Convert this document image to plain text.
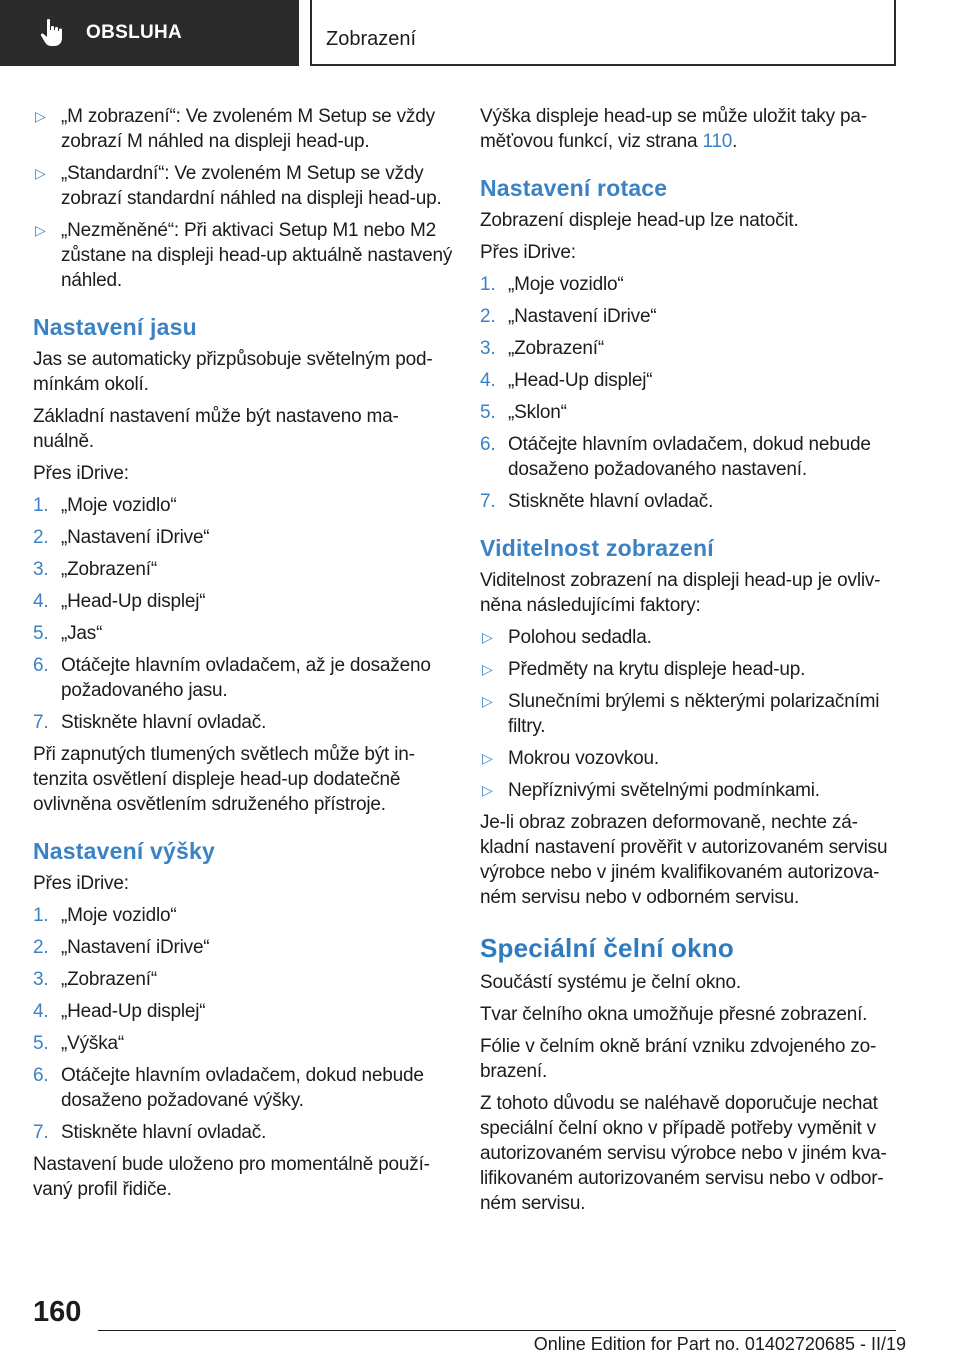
OBSLUHA	Zobrazení
▷ „M zobrazení“: Ve zvoleném M Setup se vždy zobrazí M náhled na displeji head-up.
▷ „Standardní“: Ve zvoleném M Setup se vždy zobrazí standardní náhled na displeji head-up.
▷ „Nezměněné“: Při aktivaci Setup M1 nebo M2 zůstane na displeji head-up aktuálně nastavený náhled.
Nastavení jasu

Jas se automaticky přizpůsobuje světelným pod-mínkám okolí.

Základní nastavení může být nastaveno ma-nuálně.

Přes iDrive:

1. „Moje vozidlo“
2. „Nastavení iDrive“
3. „Zobrazení“
4. „Head-Up displej“
5. „Jas“
6. Otáčejte hlavním ovladačem, až je dosaženo požadovaného jasu.
7. Stiskněte hlavní ovladač.

Při zapnutých tlumených světlech může být in-tenzita osvětlení displeje head-up dodatečně ovlivněna osvětlením sdruženého přístroje.

Nastavení výšky

Přes iDrive:

1. „Moje vozidlo“
2. „Nastavení iDrive“
3. „Zobrazení“
4. „Head-Up displej“
5. „Výška“
6. Otáčejte hlavním ovladačem, dokud nebude dosaženo požadované výšky.
7. Stiskněte hlavní ovladač.

Nastavení bude uloženo pro momentálně použí-vaný profil řidiče.

Výška displeje head-up se může uložit taky pa-měťovou funkcí, viz strana 110.

Nastavení rotace

Zobrazení displeje head-up lze natočit.

Přes iDrive:

1. „Moje vozidlo“
2. „Nastavení iDrive“
3. „Zobrazení“
4. „Head-Up displej“
5. „Sklon“
6. Otáčejte hlavním ovladačem, dokud nebude dosaženo požadovaného nastavení.
7. Stiskněte hlavní ovladač.
Viditelnost zobrazení

Viditelnost zobrazení na displeji head-up je ovliv-něna následujícími faktory:

▷ Polohou sedadla.
▷ Předměty na krytu displeje head-up.
▷ Slunečními brýlemi s některými polarizačními filtry.
▷ Mokrou vozovkou.
▷ Nepříznivými světelnými podmínkami.

Je-li obraz zobrazen deformovaně, nechte zá-kladní nastavení prověřit v autorizovaném servisu výrobce nebo v jiném kvalifikovaném autorizova-ném servisu nebo v odborném servisu.

Speciální čelní okno

Součástí systému je čelní okno.

Tvar čelního okna umožňuje přesné zobrazení.

Fólie v čelním okně brání vzniku zdvojeného zo-brazení.

Z tohoto důvodu se naléhavě doporučuje nechat speciální čelní okno v případě potřeby vyměnit v autorizovaném servisu výrobce nebo v jiném kva-lifikovaném autorizovaném servisu nebo v odbor-ném servisu.

160
Online Edition for Part no. 01402720685 - II/19
